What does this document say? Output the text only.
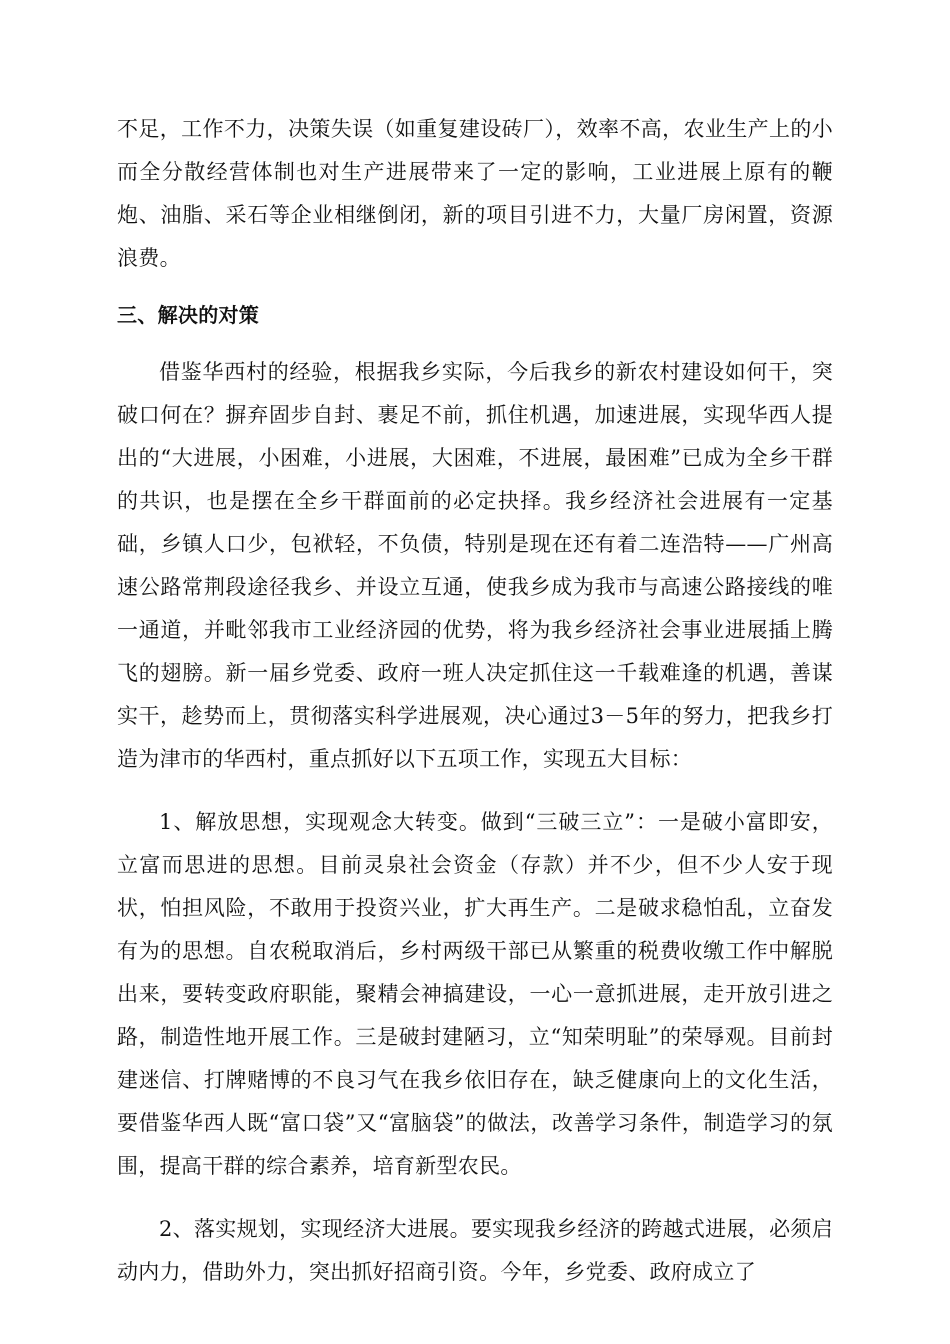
不足，工作不力，决策失误（如重复建设砖厂），效率不高，农业生产上的小而全分散经营体制也对生产进展带来了一定的影响，工业进展上原有的鞭炮、油脂、采石等企业相继倒闭，新的项目引进不力，大量厂房闲置，资源浪费。

三、解决的对策

借鉴华西村的经验，根据我乡实际，今后我乡的新农村建设如何干，突破口何在？摒弃固步自封、裹足不前，抓住机遇，加速进展，实现华西人提出的“大进展，小困难，小进展，大困难，不进展，最困难”已成为全乡干群的共识，也是摆在全乡干群面前的必定抉择。我乡经济社会进展有一定基础，乡镇人口少，包袱轻，不负债，特别是现在还有着二连浩特——广州高速公路常荆段途径我乡、并设立互通，使我乡成为我市与高速公路接线的唯一通道，并毗邻我市工业经济园的优势，将为我乡经济社会事业进展插上腾飞的翅膀。新一届乡党委、政府一班人决定抓住这一千载难逢的机遇，善谋实干，趁势而上，贯彻落实科学进展观，决心通过3－5年的努力，把我乡打造为津市的华西村，重点抓好以下五项工作，实现五大目标：

1、解放思想，实现观念大转变。做到“三破三立”：一是破小富即安，立富而思进的思想。目前灵泉社会资金（存款）并不少，但不少人安于现状，怕担风险，不敢用于投资兴业，扩大再生产。二是破求稳怕乱，立奋发有为的思想。自农税取消后，乡村两级干部已从繁重的税费收缴工作中解脱出来，要转变政府职能，聚精会神搞建设，一心一意抓进展，走开放引进之路，制造性地开展工作。三是破封建陋习，立“知荣明耻”的荣辱观。目前封建迷信、打牌赌博的不良习气在我乡依旧存在，缺乏健康向上的文化生活，要借鉴华西人既“富口袋”又“富脑袋”的做法，改善学习条件，制造学习的氛围，提高干群的综合素养，培育新型农民。

2、落实规划，实现经济大进展。要实现我乡经济的跨越式进展，必须启动内力，借助外力，突出抓好招商引资。今年，乡党委、政府成立了
